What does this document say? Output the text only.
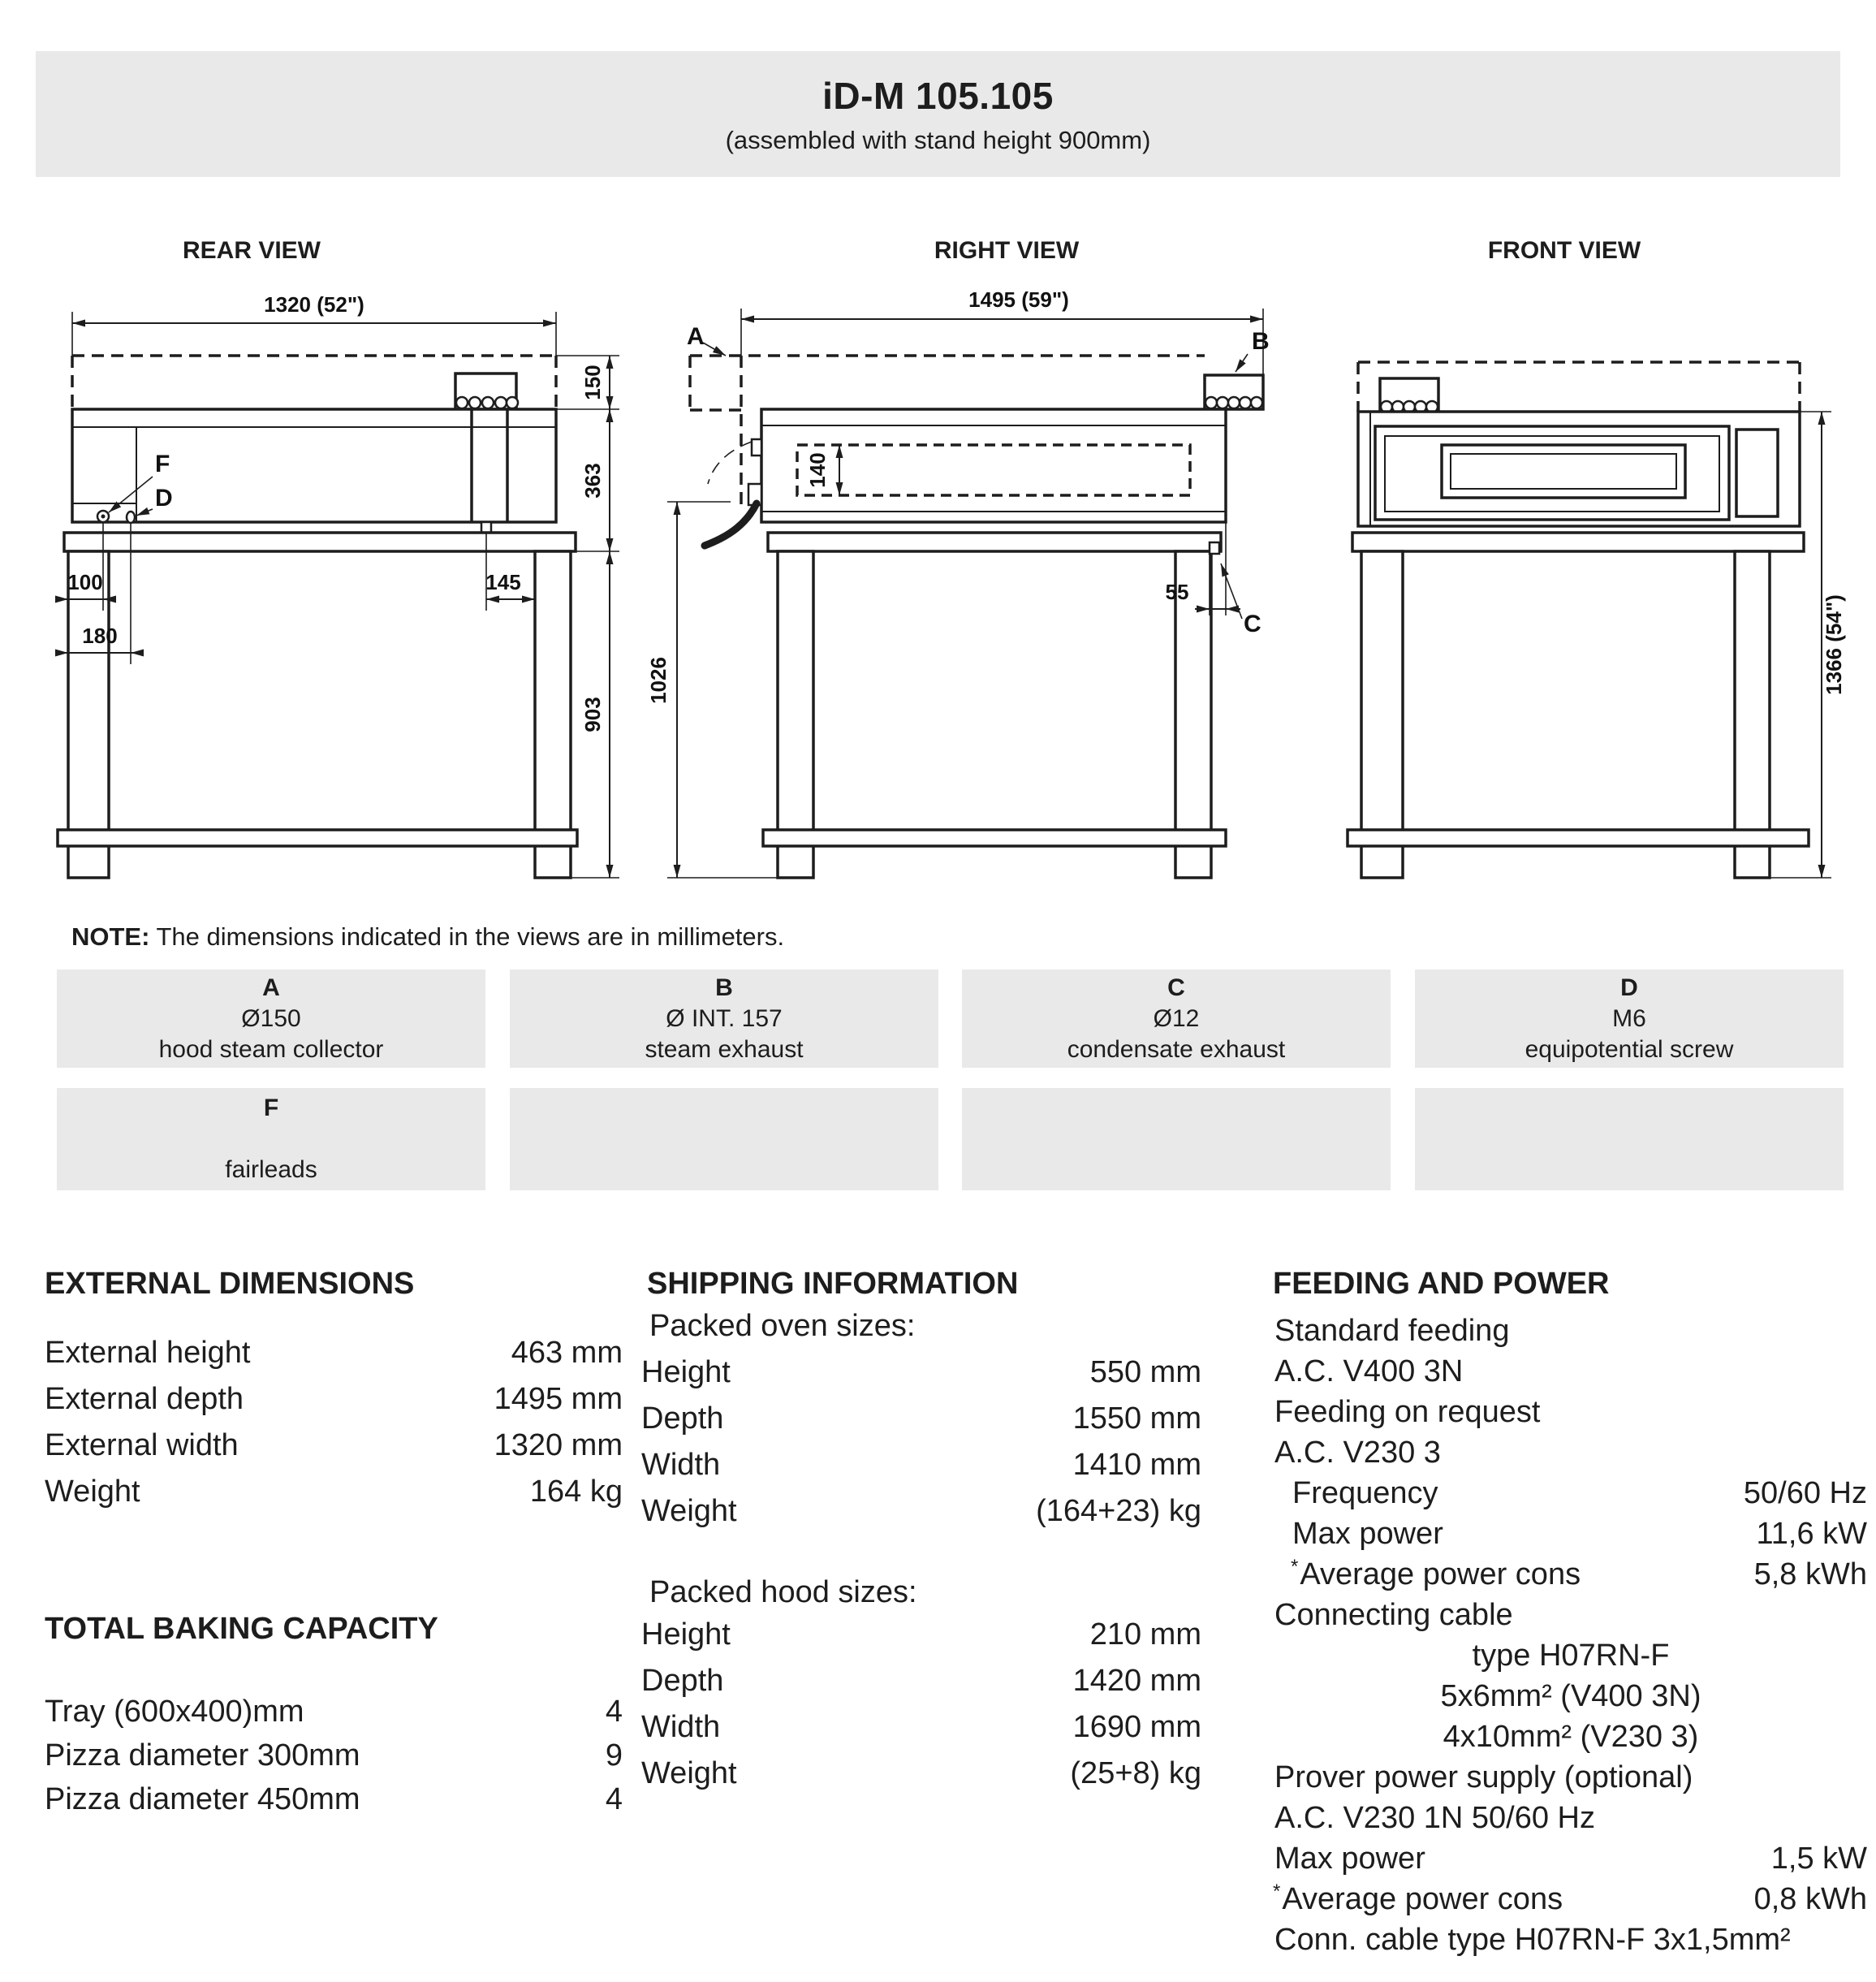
iD-M 105.105
(assembled with stand height 900mm)
REAR VIEW	RIGHT VIEW	FRONT VIEW
1320 (52")
F
D
100
180
145
150
363
903
1495 (59")
A	B
140
1026
55
C	1366 (54")
NOTE: The dimensions indicated in the views are in millimeters.
A
Ø150
hood steam collector
B
Ø INT. 157
steam exhaust
C
Ø12
condensate exhaust
D
M6
equipotential screw
F

fairleads
EXTERNAL DIMENSIONS
External height	463 mm
External depth	1495 mm
External width	1320 mm
Weight	164 kg
TOTAL BAKING CAPACITY
Tray (600x400)mm	4
Pizza diameter 300mm	9
Pizza diameter 450mm	4
SHIPPING INFORMATION
Packed oven sizes:
Height	550 mm
Depth	1550 mm
Width	1410 mm
Weight	(164+23) kg
Packed hood sizes:
Height	210 mm
Depth	1420 mm
Width	1690 mm
Weight	(25+8) kg
FEEDING AND POWER
Standard feeding
A.C. V400 3N
Feeding on request
A.C. V230 3
Frequency	50/60 Hz
Max power	11,6 kW
*Average power cons	5,8 kWh
Connecting cable
type H07RN-F
5x6mm² (V400 3N)
4x10mm² (V230 3)
Prover power supply (optional)
A.C. V230 1N 50/60 Hz
Max power	1,5 kW
*Average power cons	0,8 kWh
Conn. cable type H07RN-F 3x1,5mm²
